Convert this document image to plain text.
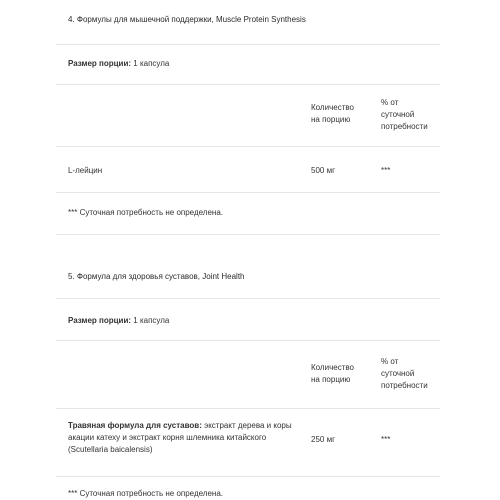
4. Формулы для мышечной поддержки, Muscle Protein Synthesis
Размер порции: 1 капсула
Количество
на порцию
% от
суточной
потребности
L-лейцин	500 мг	***
*** Суточная потребность не определена.
5. Формула для здоровья суставов, Joint Health
Размер порции: 1 капсула
Количество
на порцию
% от
суточной
потребности
Травяная формула для суставов: экстракт дерева и коры
акации катеху и экстракт корня шлемника китайского
(Scutellaria baicalensis)
250 мг	***
*** Суточная потребность не определена.
